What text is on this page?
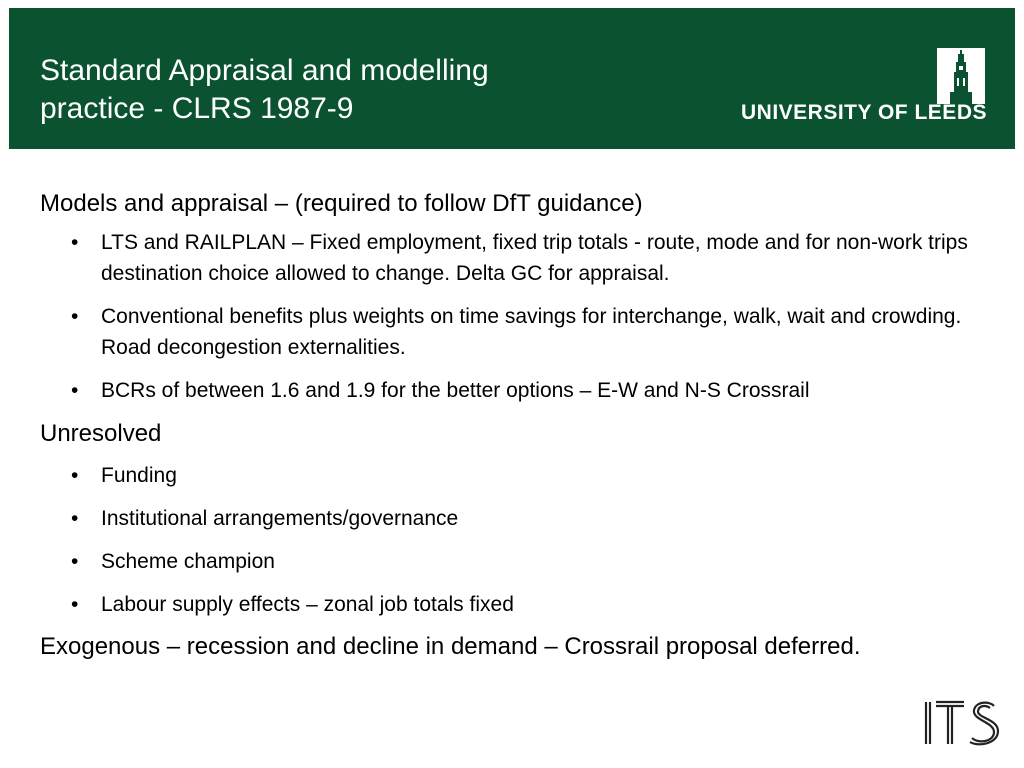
Standard Appraisal and modelling
practice - CLRS 1987-9	UNIVERSITY OF LEEDS

Models and appraisal – (required to follow DfT guidance)

• LTS and RAILPLAN – Fixed employment, fixed trip totals - route, mode and for non-work trips destination choice allowed to change. Delta GC for appraisal.
• Conventional benefits plus weights on time savings for interchange, walk, wait and crowding. Road decongestion externalities.
• BCRs of between 1.6 and 1.9 for the better options – E-W and N-S Crossrail

Unresolved

• Funding
• Institutional arrangements/governance
• Scheme champion
• Labour supply effects – zonal job totals fixed

Exogenous – recession and decline in demand – Crossrail proposal deferred.
